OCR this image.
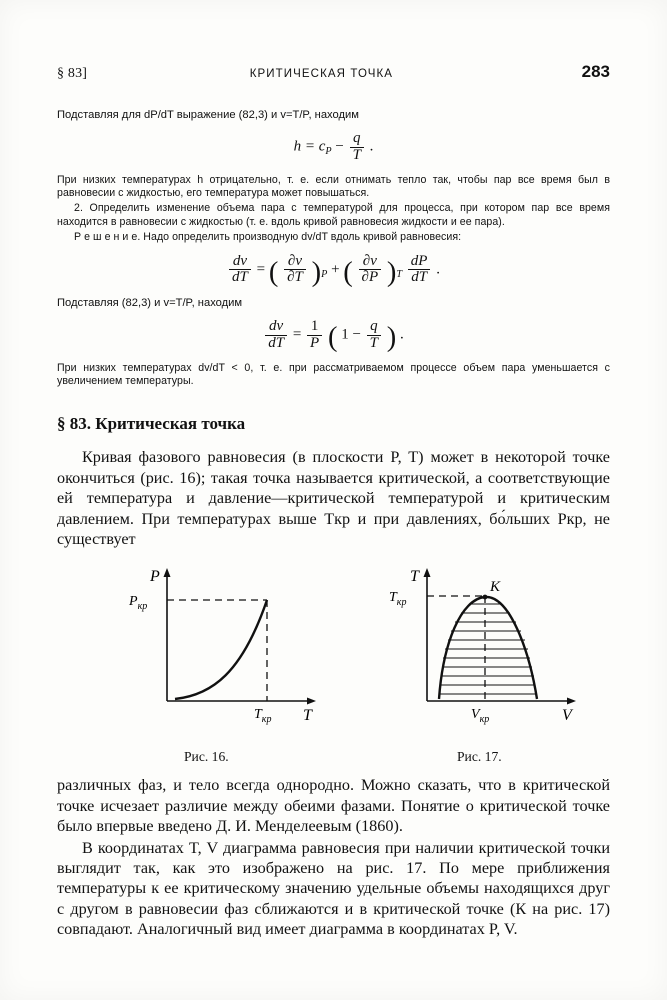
§ 83]	КРИТИЧЕСКАЯ ТОЧКА	283

Подставляя для dP/dT выражение (82,3) и v=T/P, находим

$h = c_P - \frac{q}{T}$ .

При низких температурах h отрицательно, т. е. если отнимать тепло так, чтобы пар все время был в равновесии с жидкостью, его температура может повышаться.

2. Определить изменение объема пара с температурой для процесса, при котором пар все время находится в равновесии с жидкостью (т. е. вдоль кривой равновесия жидкости и ее пара).

Р е ш е н и е. Надо определить производную dv/dT вдоль кривой равновесия:

$\frac{dv}{dT}$ = ( $\frac{\partial v}{\partial T} )_P$ + ( $\frac{\partial v}{\partial P} )_T \frac{dP}{dT}$ .

Подставляя (82,3) и v=T/P, находим

$\frac{dv}{dT} = \frac{1}{P}$ ( $1 - \frac{q}{T}$ ) .

При низких температурах dv/dT < 0, т. е. при рассматриваемом процессе объем пара уменьшается с увеличением температуры.

§ 83. Критическая точка

Кривая фазового равновесия (в плоскости P, T) может в некоторой точке окончиться (рис. 16); такая точка называется критической, а соответствующие ей температура и давление—критической температурой и критическим давлением. При температурах выше Tкр и при давлениях, бо́льших Pкр, не существует

P
T
$P_{кр}$
$T_{кр}$
T
V
$T_{кр}$
$V_{кр}$
K
Рис. 16.	Рис. 17.

различных фаз, и тело всегда однородно. Можно сказать, что в критической точке исчезает различие между обеими фазами. Понятие о критической точке было впервые введено Д. И. Менделеевым (1860).

В координатах T, V диаграмма равновесия при наличии критической точки выглядит так, как это изображено на рис. 17. По мере приближения температуры к ее критическому значению удельные объемы находящихся друг с другом в равновесии фаз сближаются и в критической точке (К на рис. 17) совпадают. Аналогичный вид имеет диаграмма в координатах P, V.
